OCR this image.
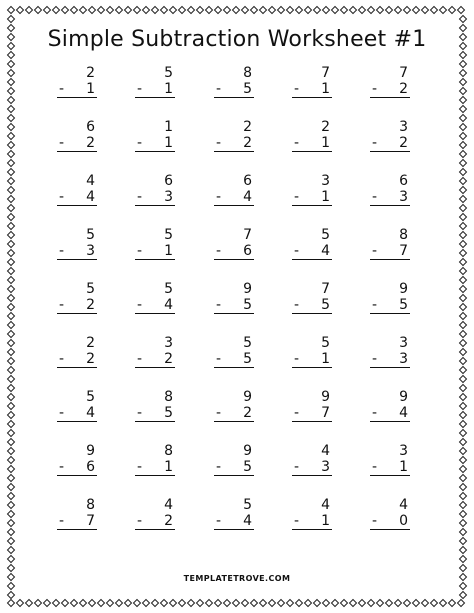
Simple Subtraction Worksheet #1
2
- 1
5
- 1
8
- 5
7
- 1
7
- 2
6
- 2
1
- 1
2
- 2
2
- 1
3
- 2
4
- 4
6
- 3
6
- 4
3
- 1
6
- 3
5
- 3
5
- 1
7
- 6
5
- 4
8
- 7
5
- 2
5
- 4
9
- 5
7
- 5
9
- 5
2
- 2
3
- 2
5
- 5
5
- 1
3
- 3
5
- 4
8
- 5
9
- 2
9
- 7
9
- 4
9
- 6
8
- 1
9
- 5
4
- 3
3
- 1
8
- 7
4
- 2
5
- 4
4
- 1
4
- 0
TEMPLATETROVE.COM
